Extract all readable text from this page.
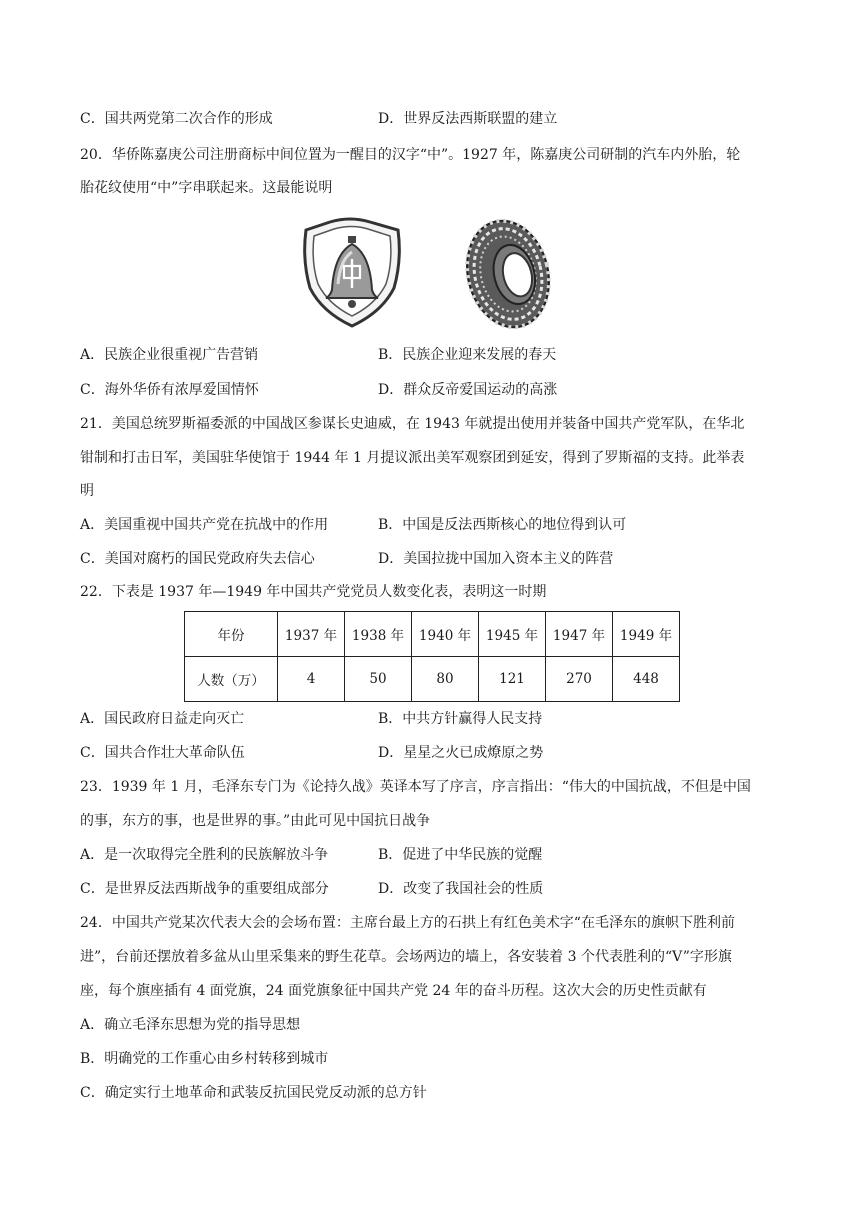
C．国共两党第二次合作的形成	D．世界反法西斯联盟的建立
20．华侨陈嘉庚公司注册商标中间位置为一醒目的汉字“中”。1927 年，陈嘉庚公司研制的汽车内外胎，轮
胎花纹使用“中”字串联起来。这最能说明
A．民族企业很重视广告营销	B．民族企业迎来发展的春天
C．海外华侨有浓厚爱国情怀	D．群众反帝爱国运动的高涨
21．美国总统罗斯福委派的中国战区参谋长史迪威，在 1943 年就提出使用并装备中国共产党军队，在华北
钳制和打击日军，美国驻华使馆于 1944 年 1 月提议派出美军观察团到延安，得到了罗斯福的支持。此举表
明
A．美国重视中国共产党在抗战中的作用	B．中国是反法西斯核心的地位得到认可
C．美国对腐朽的国民党政府失去信心	D．美国拉拢中国加入资本主义的阵营
22．下表是 1937 年—1949 年中国共产党党员人数变化表，表明这一时期
年份	1937 年	1938 年	1940 年	1945 年	1947 年	1949 年
人数（万）	4	50	80	121	270	448
A．国民政府日益走向灭亡	B．中共方针赢得人民支持
C．国共合作壮大革命队伍	D．星星之火已成燎原之势
23．1939 年 1 月，毛泽东专门为《论持久战》英译本写了序言，序言指出：“伟大的中国抗战，不但是中国
的事，东方的事，也是世界的事。”由此可见中国抗日战争
A．是一次取得完全胜利的民族解放斗争	B．促进了中华民族的觉醒
C．是世界反法西斯战争的重要组成部分	D．改变了我国社会的性质
24．中国共产党某次代表大会的会场布置：主席台最上方的石拱上有红色美术字“在毛泽东的旗帜下胜利前
进”，台前还摆放着多盆从山里采集来的野生花草。会场两边的墙上，各安装着 3 个代表胜利的“V”字形旗
座，每个旗座插有 4 面党旗，24 面党旗象征中国共产党 24 年的奋斗历程。这次大会的历史性贡献有
A．确立毛泽东思想为党的指导思想
B．明确党的工作重心由乡村转移到城市
C．确定实行土地革命和武装反抗国民党反动派的总方针
